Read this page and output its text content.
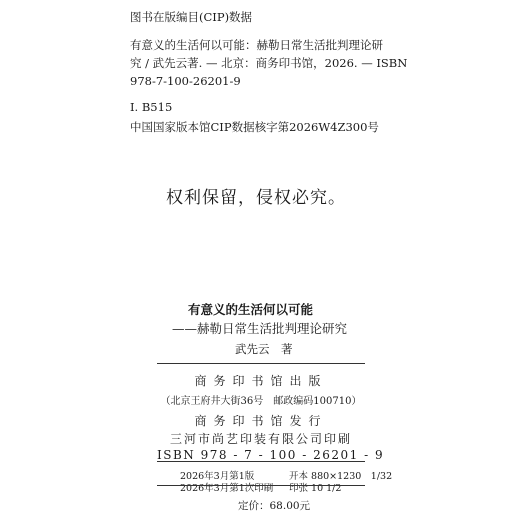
图书在版编目(CIP)数据
有意义的生活何以可能：赫勒日常生活批判理论研
究 / 武先云著. — 北京：商务印书馆，2026. — ISBN
978-7-100-26201-9
Ⅰ. B515
中国国家版本馆CIP数据核字第2026W4Z300号
权利保留，侵权必究。
有意义的生活何以可能
——赫勒日常生活批判理论研究
武先云　著
商务印书馆出版
（北京王府井大街36号　邮政编码100710）
商务印书馆发行
三河市尚艺印装有限公司印刷
ISBN 978 - 7 - 100 - 26201 - 9
2026年3月第1版
2026年3月第1次印刷
开本 880×1230　1/32
印张 10 1/2
定价：68.00元
